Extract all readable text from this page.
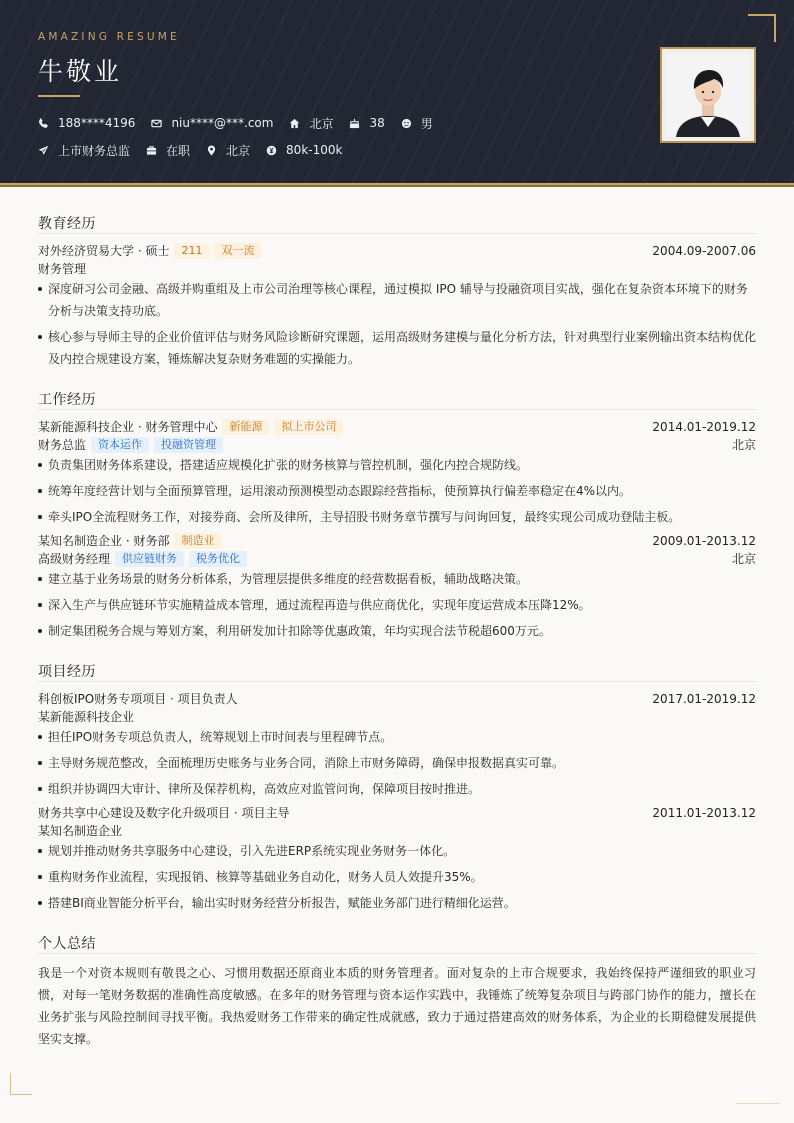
AMAZING RESUME
牛敬业
188****4196	niu****@***.com	北京	38	男
上市财务总监	在职	北京	80k-100k
教育经历
对外经济贸易大学 · 硕士	211	双一流	2004.09-2007.06
财务管理
深度研习公司金融、高级并购重组及上市公司治理等核心课程，通过模拟 IPO 辅导与投融资项目实战，强化在复杂资本环境下的财务分析与决策支持功底。
核心参与导师主导的企业价值评估与财务风险诊断研究课题，运用高级财务建模与量化分析方法，针对典型行业案例输出资本结构优化及内控合规建设方案，锤炼解决复杂财务难题的实操能力。
工作经历
某新能源科技企业 · 财务管理中心	新能源	拟上市公司	2014.01-2019.12
财务总监	资本运作	投融资管理	北京
负责集团财务体系建设，搭建适应规模化扩张的财务核算与管控机制，强化内控合规防线。
统筹年度经营计划与全面预算管理，运用滚动预测模型动态跟踪经营指标，使预算执行偏差率稳定在4%以内。
牵头IPO全流程财务工作，对接券商、会所及律所，主导招股书财务章节撰写与问询回复，最终实现公司成功登陆主板。
某知名制造企业 · 财务部	制造业	2009.01-2013.12
高级财务经理	供应链财务	税务优化	北京
建立基于业务场景的财务分析体系，为管理层提供多维度的经营数据看板，辅助战略决策。
深入生产与供应链环节实施精益成本管理，通过流程再造与供应商优化，实现年度运营成本压降12%。
制定集团税务合规与筹划方案，利用研发加计扣除等优惠政策，年均实现合法节税超600万元。
项目经历
科创板IPO财务专项项目 · 项目负责人	2017.01-2019.12
某新能源科技企业
担任IPO财务专项总负责人，统筹规划上市时间表与里程碑节点。
主导财务规范整改，全面梳理历史账务与业务合同，消除上市财务障碍，确保申报数据真实可靠。
组织并协调四大审计、律所及保荐机构，高效应对监管问询，保障项目按时推进。
财务共享中心建设及数字化升级项目 · 项目主导	2011.01-2013.12
某知名制造企业
规划并推动财务共享服务中心建设，引入先进ERP系统实现业务财务一体化。
重构财务作业流程，实现报销、核算等基础业务自动化，财务人员人效提升35%。
搭建BI商业智能分析平台，输出实时财务经营分析报告，赋能业务部门进行精细化运营。
个人总结
我是一个对资本规则有敬畏之心、习惯用数据还原商业本质的财务管理者。面对复杂的上市合规要求，我始终保持严谨细致的职业习惯，对每一笔财务数据的准确性高度敏感。在多年的财务管理与资本运作实践中，我锤炼了统筹复杂项目与跨部门协作的能力，擅长在业务扩张与风险控制间寻找平衡。我热爱财务工作带来的确定性成就感，致力于通过搭建高效的财务体系，为企业的长期稳健发展提供坚实支撑。
